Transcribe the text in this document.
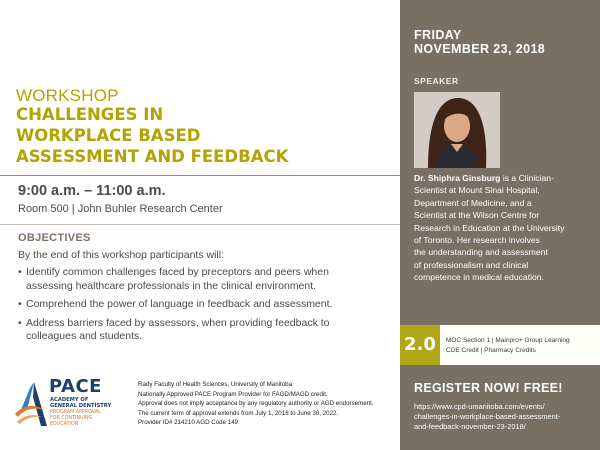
WORKSHOP
CHALLENGES IN
WORKPLACE BASED
ASSESSMENT AND FEEDBACK
9:00 a.m. – 11:00 a.m.
Room 500 | John Buhler Research Center
OBJECTIVES
By the end of this workshop participants will:
• Identify common challenges faced by preceptors and peers when
assessing healthcare professionals in the clinical environment.
• Comprehend the power of language in feedback and assessment.
• Address barriers faced by assessors, when providing feedback to
colleagues and students.
PACE
ACADEMY OF
GENERAL DENTISTRY
PROGRAM APPROVAL
FOR CONTINUING
EDUCATION
Rady Faculty of Health Sciences, University of Manitoba
Nationally Approved PACE Program Provider for FAGD/MAGD credit.
Approval does not imply acceptance by any regulatory authority or AGD endorsement.
The current term of approval extends from July 1, 2018 to June 30, 2022.
Provider ID# 214210 AGD Code 149
FRIDAY
NOVEMBER 23, 2018
SPEAKER
Dr. Shiphra Ginsburg is a Clinician-
Scientist at Mount Sinai Hospital,
Department of Medicine, and a
Scientist at the Wilson Centre for
Research in Education at the University
of Toronto. Her research involves
the understanding and assessment
of professionalism and clinical
competence in medical education.
REGISTER NOW! FREE!
https://www.cpd-umanitoba.com/events/
challenges-in-workplace-based-assessment-
and-feedback-november-23-2018/
2.0	MOC Section 1 | Mainpro+ Group Learning
CDE Credit | Pharmacy Credits
